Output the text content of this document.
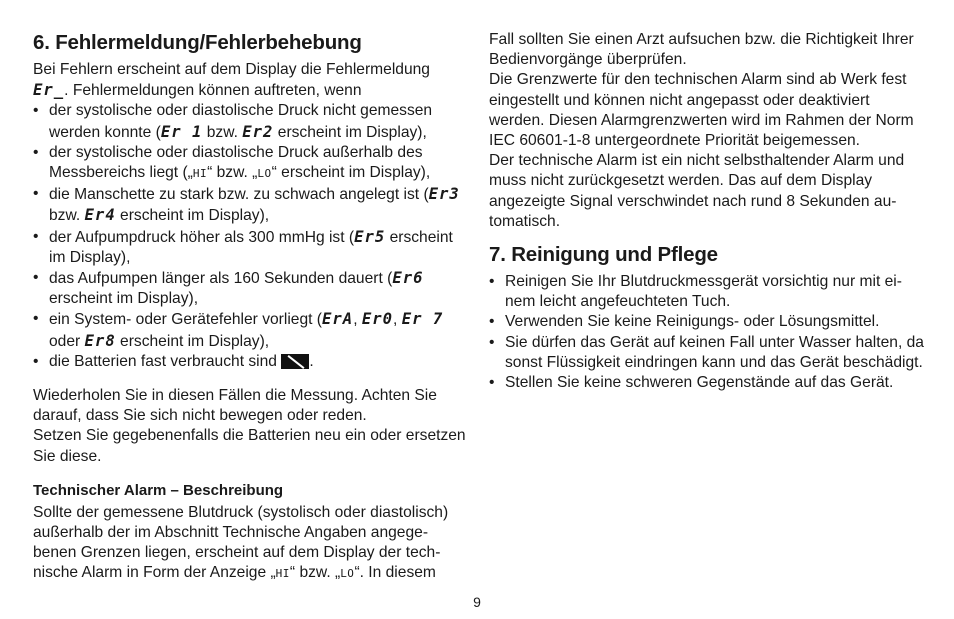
6. Fehlermeldung/Fehlerbehebung

Bei Fehlern erscheint auf dem Display die Fehlermeldung Er_. Fehlermeldungen können auftreten, wenn

• der systolische oder diastolische Druck nicht gemessen werden konnte (Er 1 bzw. Er2 erscheint im Display),
• der systolische oder diastolische Druck außerhalb des Messbereichs liegt („HI“ bzw. „LO“ erscheint im Display),
• die Manschette zu stark bzw. zu schwach angelegt ist (Er3 bzw. Er4 erscheint im Display),
• der Aufpumpdruck höher als 300 mmHg ist (Er5 erscheint im Display),
• das Aufpumpen länger als 160 Sekunden dauert (Er6 erscheint im Display),
• ein System- oder Gerätefehler vorliegt (ErA, Er0, Er 7 oder Er8 erscheint im Display),
• die Batterien fast verbraucht sind .

Wiederholen Sie in diesen Fällen die Messung. Achten Sie darauf, dass Sie sich nicht bewegen oder reden.

Setzen Sie gegebenenfalls die Batterien neu ein oder ersetzen Sie diese.

Technischer Alarm – Beschreibung

Sollte der gemessene Blutdruck (systolisch oder diastolisch) außerhalb der im Abschnitt Technische Angaben angege-benen Grenzen liegen, erscheint auf dem Display der tech-nische Alarm in Form der Anzeige „HI“ bzw. „LO“. In diesem

Fall sollten Sie einen Arzt aufsuchen bzw. die Richtigkeit Ihrer Bedienvorgänge überprüfen.

Die Grenzwerte für den technischen Alarm sind ab Werk fest eingestellt und können nicht angepasst oder deaktiviert werden. Diesen Alarmgrenzwerten wird im Rahmen der Norm IEC 60601-1-8 untergeordnete Priorität beigemessen.

Der technische Alarm ist ein nicht selbsthaltender Alarm und muss nicht zurückgesetzt werden. Das auf dem Display angezeigte Signal verschwindet nach rund 8 Sekunden au-tomatisch.

7. Reinigung und Pflege
• Reinigen Sie Ihr Blutdruckmessgerät vorsichtig nur mit ei-nem leicht angefeuchteten Tuch.
• Verwenden Sie keine Reinigungs- oder Lösungsmittel.
• Sie dürfen das Gerät auf keinen Fall unter Wasser halten, da sonst Flüssigkeit eindringen kann und das Gerät beschädigt.
• Stellen Sie keine schweren Gegenstände auf das Gerät.
9
